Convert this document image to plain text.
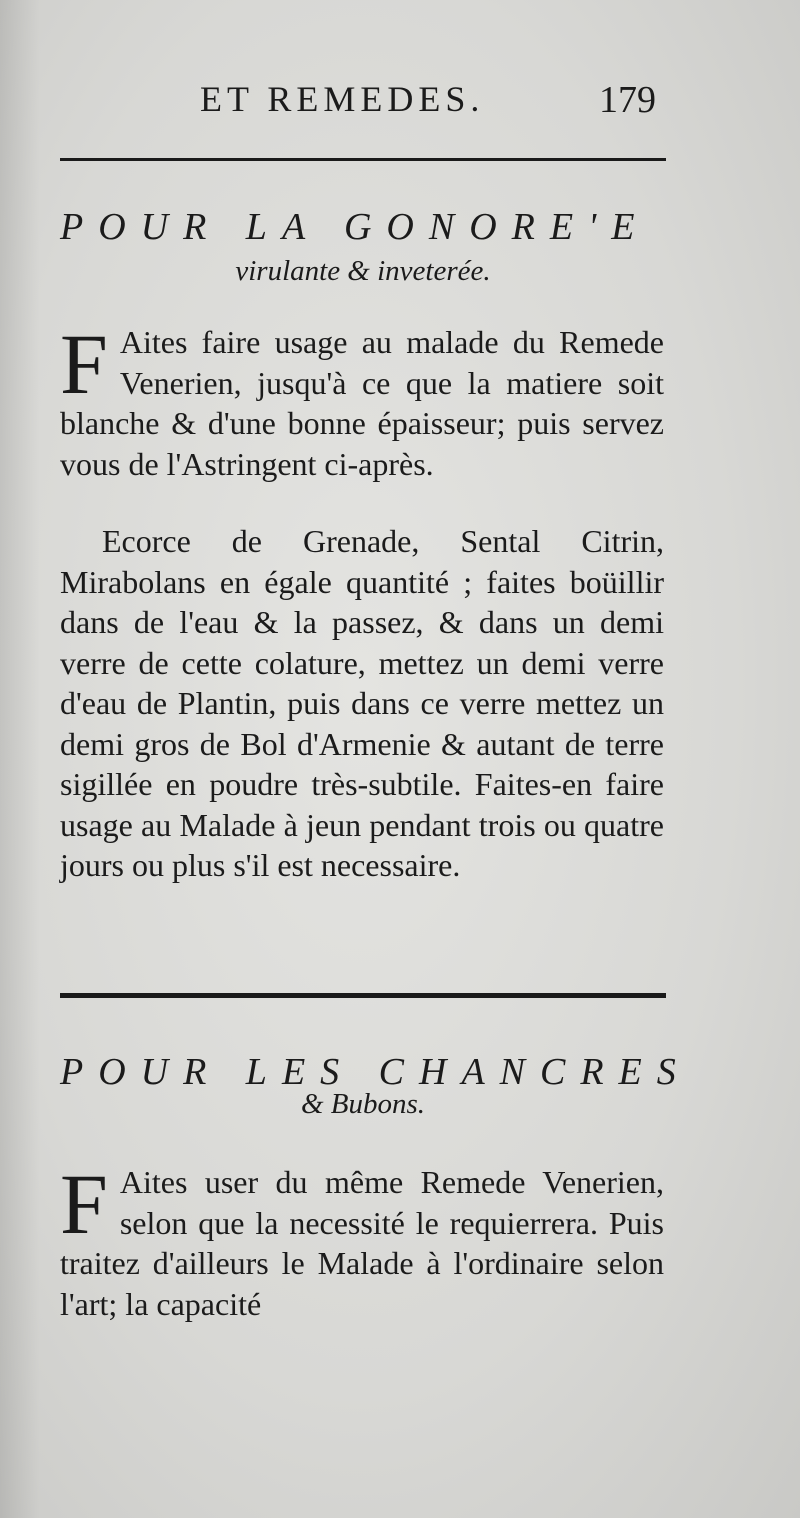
ET REMEDES.	179
POUR LA GONORE'E
virulante & inveterée.
F Aites faire usage au malade du Remede Venerien, jusqu'à ce que la matiere soit blanche & d'une bonne épaisseur; puis servez vous de l'Astringent ci-après.
Ecorce de Grenade, Sental Citrin, Mirabolans en égale quantité ; faites boüillir dans de l'eau & la passez, & dans un demi verre de cette colature, mettez un demi verre d'eau de Plantin, puis dans ce verre mettez un demi gros de Bol d'Armenie & autant de terre sigillée en poudre très-subtile. Faites-en faire usage au Malade à jeun pendant trois ou quatre jours ou plus s'il est necessaire.
POUR LES CHANCRES
& Bubons.
F Aites user du même Remede Venerien, selon que la necessité le requierrera. Puis traitez d'ailleurs le Malade à l'ordinaire selon l'art; la capacité
